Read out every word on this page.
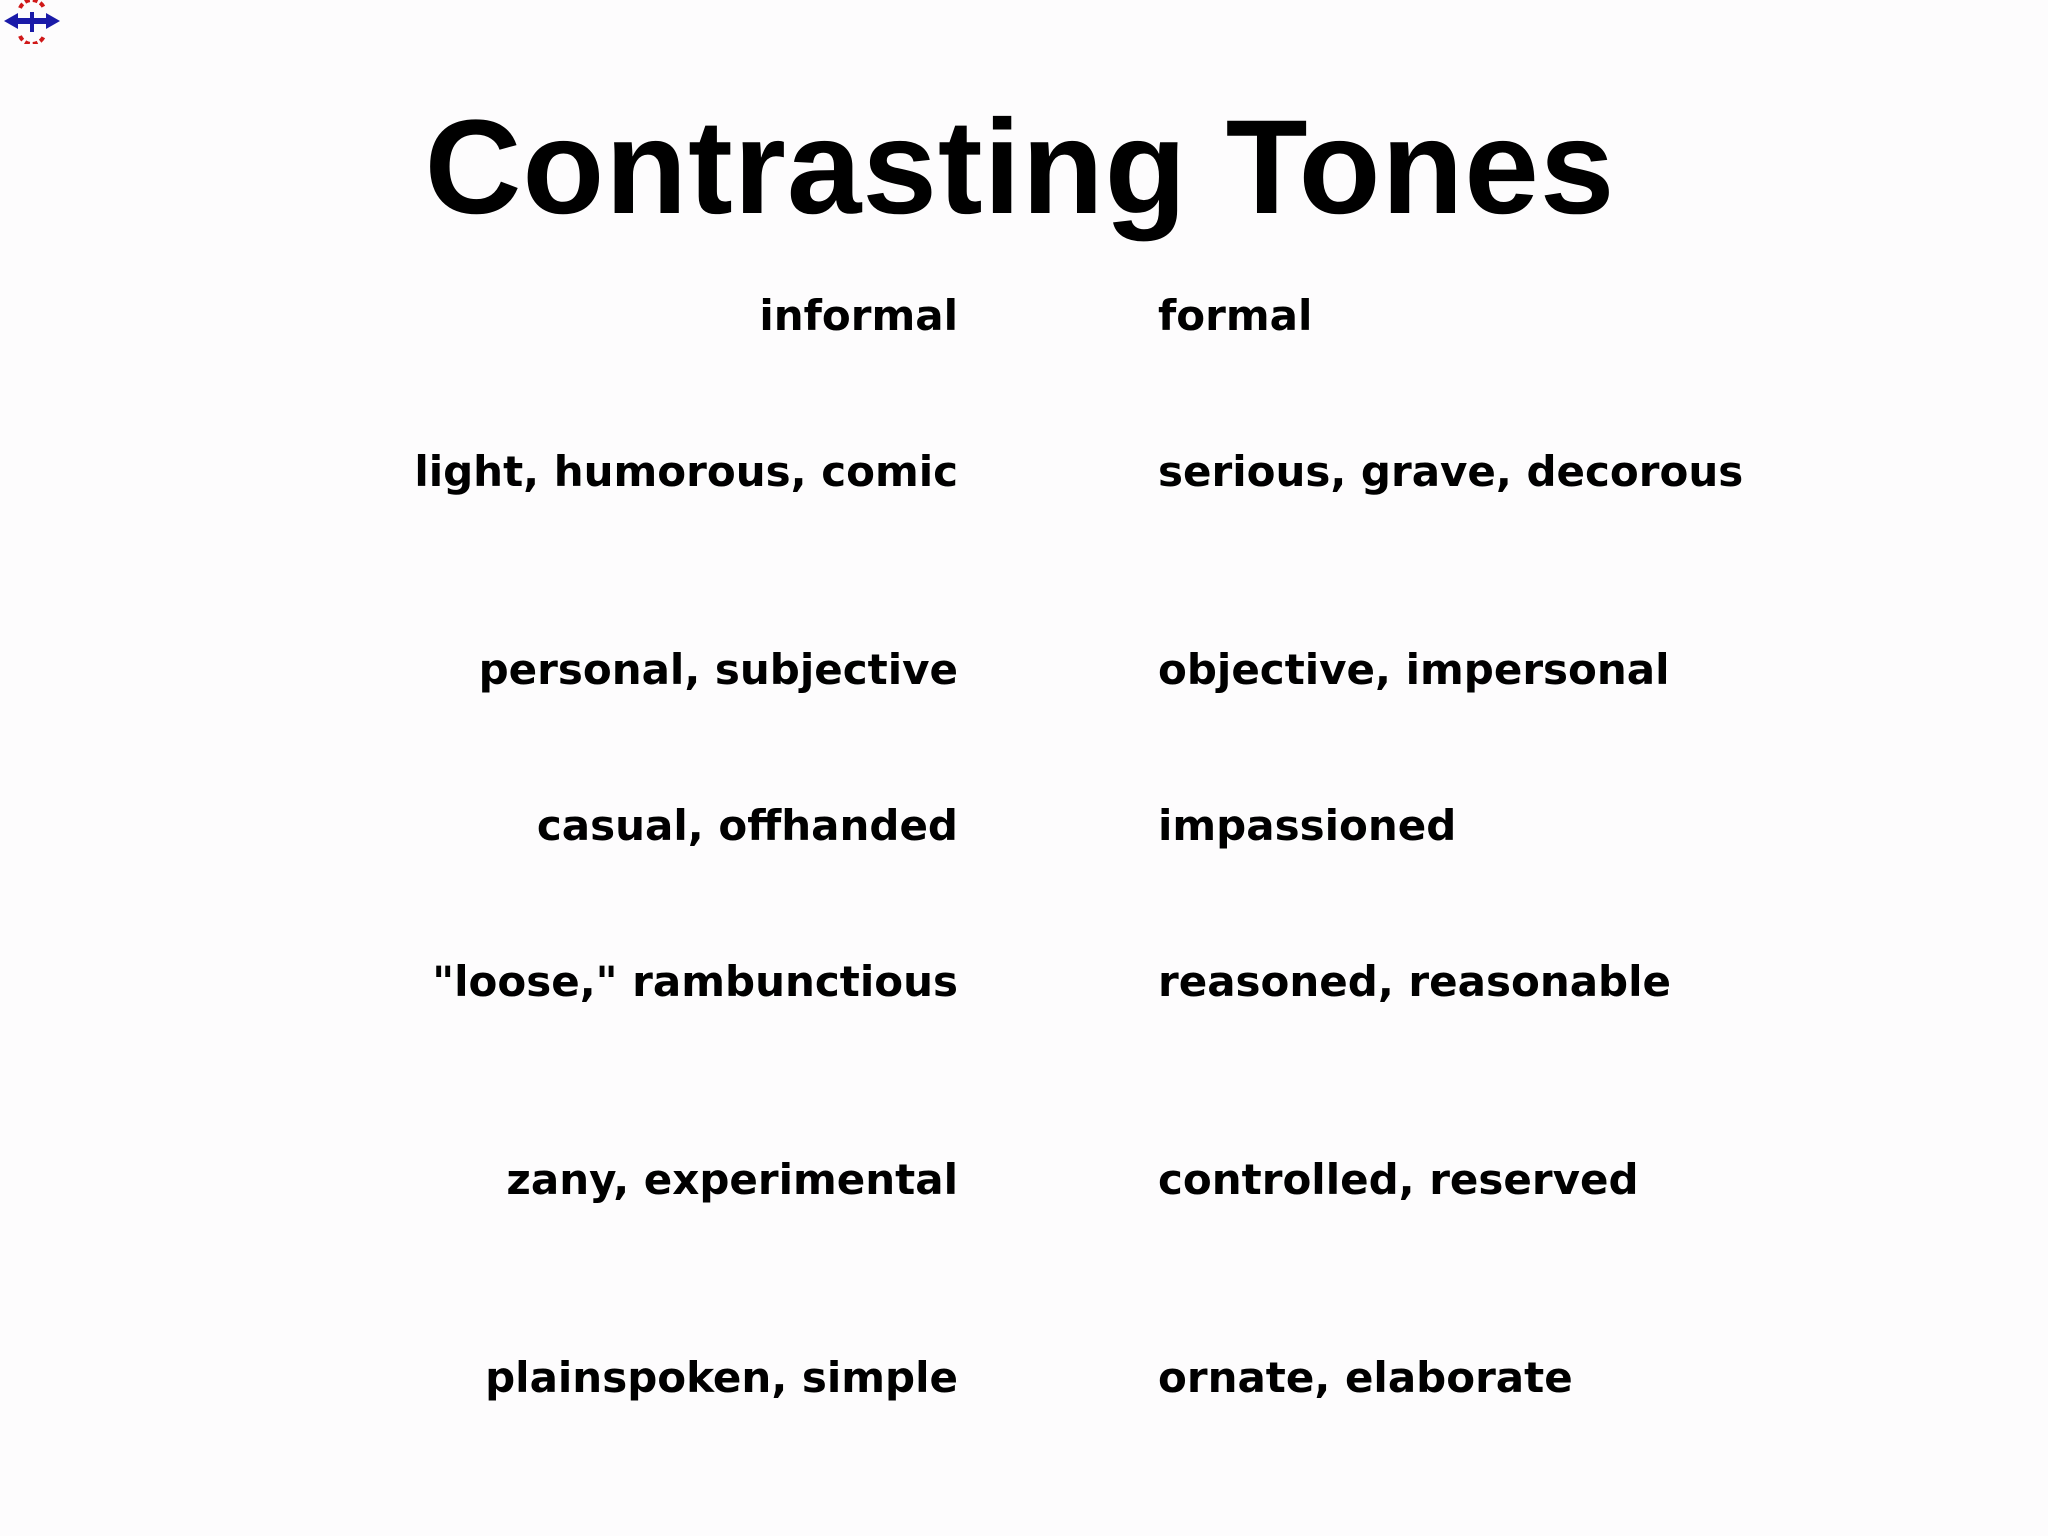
Contrasting Tones
informal	formal
light, humorous, comic	serious, grave, decorous
personal, subjective	objective, impersonal
casual, offhanded	impassioned
"loose," rambunctious	reasoned, reasonable
zany, experimental	controlled, reserved
plainspoken, simple	ornate, elaborate
